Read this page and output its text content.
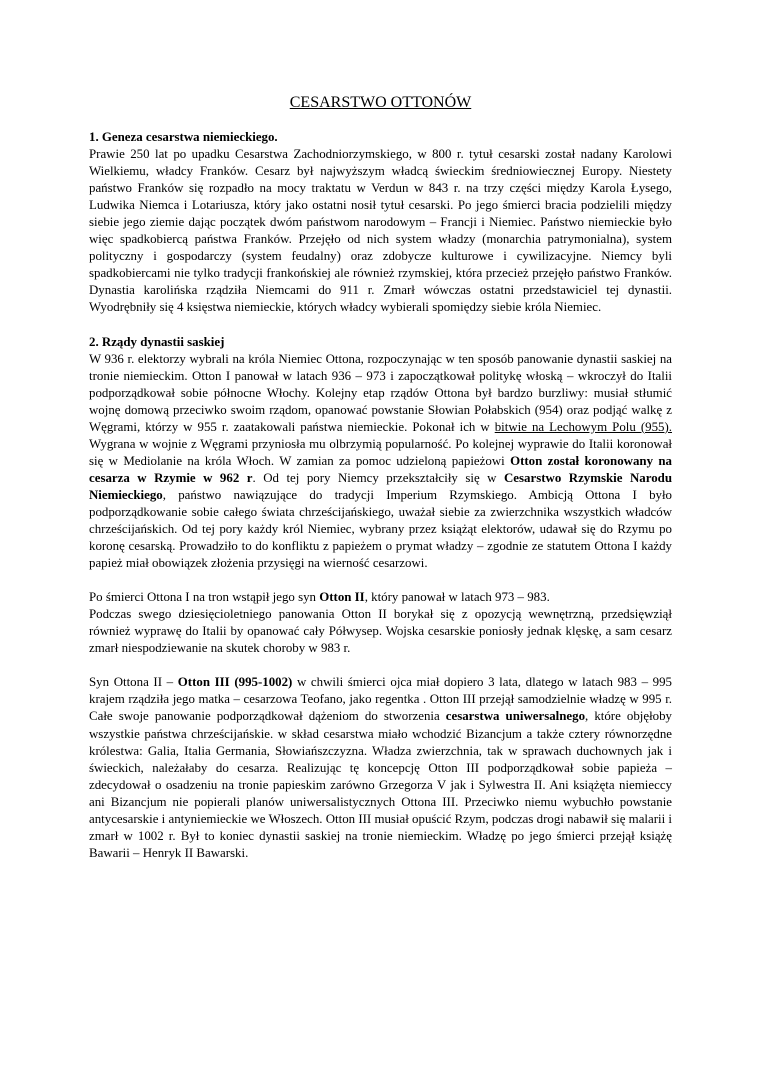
CESARSTWO OTTONÓW

1. Geneza cesarstwa niemieckiego.

Prawie 250 lat po upadku Cesarstwa Zachodniorzymskiego, w 800 r. tytuł cesarski został nadany Karolowi Wielkiemu, władcy Franków. Cesarz był najwyższym władcą świeckim średniowiecznej Europy. Niestety państwo Franków się rozpadło na mocy traktatu w Verdun w 843 r. na trzy części między Karola Łysego, Ludwika Niemca i Lotariusza, który jako ostatni nosił tytuł cesarski. Po jego śmierci bracia podzielili między siebie jego ziemie dając początek dwóm państwom narodowym – Francji i Niemiec. Państwo niemieckie było więc spadkobiercą państwa Franków. Przejęło od nich system władzy (monarchia patrymonialna), system polityczny i gospodarczy (system feudalny) oraz zdobycze kulturowe i cywilizacyjne. Niemcy byli spadkobiercami nie tylko tradycji frankońskiej ale również rzymskiej, która przecież przejęło państwo Franków. Dynastia karolińska rządziła Niemcami do 911 r. Zmarł wówczas ostatni przedstawiciel tej dynastii. Wyodrębniły się 4 księstwa niemieckie, których władcy wybierali spomiędzy siebie króla Niemiec.

2. Rządy dynastii saskiej

W 936 r. elektorzy wybrali na króla Niemiec Ottona, rozpoczynając w ten sposób panowanie dynastii saskiej na tronie niemieckim. Otton I panował w latach 936 – 973 i zapoczątkował politykę włoską – wkroczył do Italii podporządkował sobie północne Włochy. Kolejny etap rządów Ottona był bardzo burzliwy: musiał stłumić wojnę domową przeciwko swoim rządom, opanować powstanie Słowian Połabskich (954) oraz podjąć walkę z Węgrami, którzy w 955 r. zaatakowali państwa niemieckie. Pokonał ich w bitwie na Lechowym Polu (955). Wygrana w wojnie z Węgrami przyniosła mu olbrzymią popularność. Po kolejnej wyprawie do Italii koronował się w Mediolanie na króla Włoch. W zamian za pomoc udzieloną papieżowi Otton został koronowany na cesarza w Rzymie w 962 r. Od tej pory Niemcy przekształciły się w Cesarstwo Rzymskie Narodu Niemieckiego, państwo nawiązujące do tradycji Imperium Rzymskiego. Ambicją Ottona I było podporządkowanie sobie całego świata chrześcijańskiego, uważał siebie za zwierzchnika wszystkich władców chrześcijańskich. Od tej pory każdy król Niemiec, wybrany przez książąt elektorów, udawał się do Rzymu po koronę cesarską. Prowadziło to do konfliktu z papieżem o prymat władzy – zgodnie ze statutem Ottona I każdy papież miał obowiązek złożenia przysięgi na wierność cesarzowi.

Po śmierci Ottona I na tron wstąpił jego syn Otton II, który panował w latach 973 – 983.

Podczas swego dziesięcioletniego panowania Otton II borykał się z opozycją wewnętrzną, przedsięwziął również wyprawę do Italii by opanować cały Półwysep. Wojska cesarskie poniosły jednak klęskę, a sam cesarz zmarł niespodziewanie na skutek choroby w 983 r.

Syn Ottona II – Otton III (995-1002) w chwili śmierci ojca miał dopiero 3 lata, dlatego w latach 983 – 995 krajem rządziła jego matka – cesarzowa Teofano, jako regentka . Otton III przejął samodzielnie władzę w 995 r. Całe swoje panowanie podporządkował dążeniom do stworzenia cesarstwa uniwersalnego, które objęłoby wszystkie państwa chrześcijańskie. w skład cesarstwa miało wchodzić Bizancjum a także cztery równorzędne królestwa: Galia, Italia Germania, Słowiańszczyzna. Władza zwierzchnia, tak w sprawach duchownych jak i świeckich, należałaby do cesarza. Realizując tę koncepcję Otton III podporządkował sobie papieża – zdecydował o osadzeniu na tronie papieskim zarówno Grzegorza V jak i Sylwestra II. Ani książęta niemieccy ani Bizancjum nie popierali planów uniwersalistycznych Ottona III. Przeciwko niemu wybuchło powstanie antycesarskie i antyniemieckie we Włoszech. Otton III musiał opuścić Rzym, podczas drogi nabawił się malarii i zmarł w 1002 r. Był to koniec dynastii saskiej na tronie niemieckim. Władzę po jego śmierci przejął książę Bawarii – Henryk II Bawarski.
